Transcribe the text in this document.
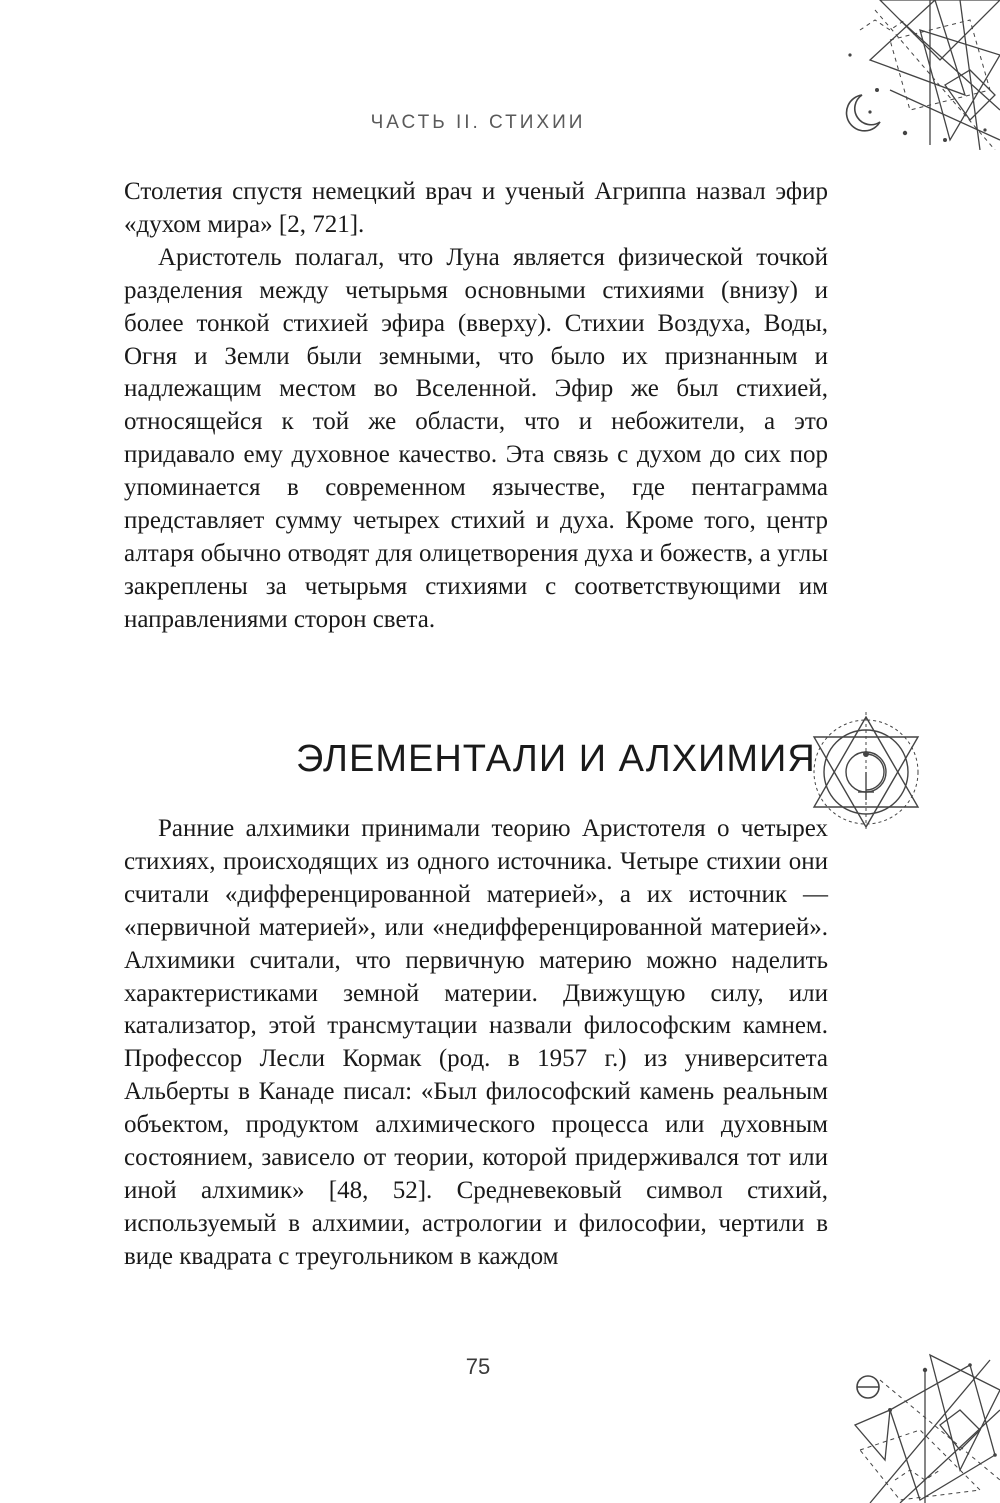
ЧАСТЬ II. СТИХИИ

Столетия спустя немецкий врач и ученый Агриппа назвал эфир «духом мира» [2, 721].

Аристотель полагал, что Луна является физической точкой разделения между четырьмя основными стихиями (внизу) и более тонкой стихией эфира (вверху). Стихии Воздуха, Воды, Огня и Земли были земными, что было их признанным и надлежащим местом во Вселенной. Эфир же был стихией, относящейся к той же области, что и небожители, а это придавало ему духовное качество. Эта связь с духом до сих пор упоминается в современном язычестве, где пентаграмма представляет сумму четырех стихий и духа. Кроме того, центр алтаря обычно отводят для олицетворения духа и божеств, а углы закреплены за четырьмя стихиями с соответствующими им направлениями сторон света.

ЭЛЕМЕНТАЛИ И АЛХИМИЯ

Ранние алхимики принимали теорию Аристотеля о четырех стихиях, происходящих из одного источника. Четыре стихии они считали «дифференцированной материей», а их источник — «первичной материей», или «недифференцированной материей». Алхимики считали, что первичную материю можно наделить характеристиками земной материи. Движущую силу, или катализатор, этой трансмутации назвали философским камнем. Профессор Лесли Кормак (род. в 1957 г.) из университета Альберты в Канаде писал: «Был философский камень реальным объектом, продуктом алхимического процесса или духовным состоянием, зависело от теории, которой придерживался тот или иной алхимик» [48, 52]. Средневековый символ стихий, используемый в алхимии, астрологии и философии, чертили в виде квадрата с треугольником в каждом

75
